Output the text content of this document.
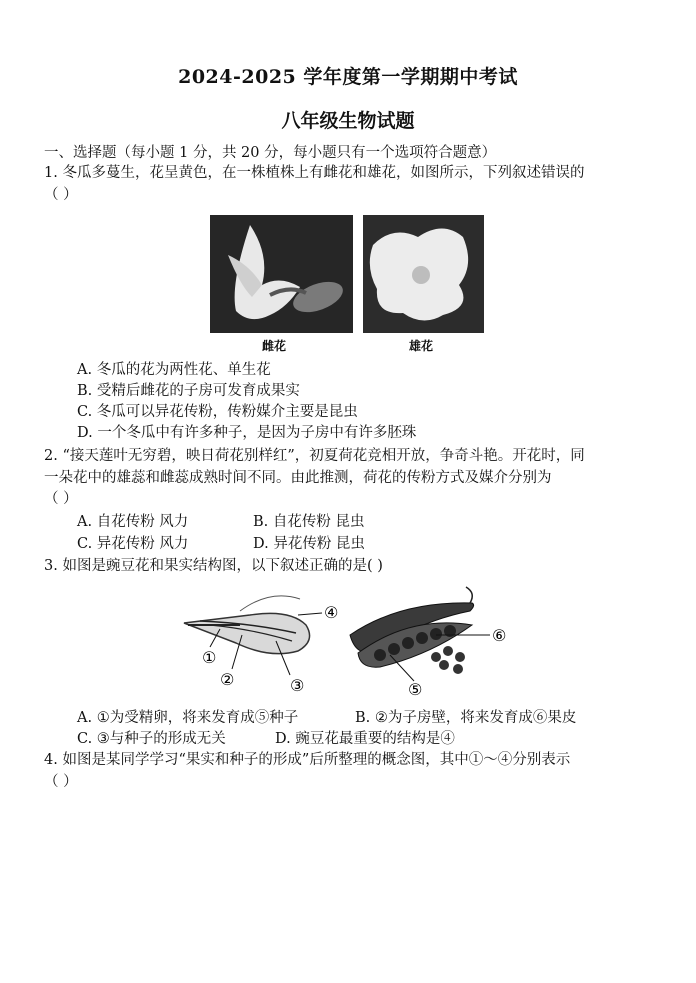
2024-2025 学年度第一学期期中考试
八年级生物试题
一、选择题（每小题 1 分，共 20 分，每小题只有一个选项符合题意）
1. 冬瓜多蔓生，花呈黄色，在一株植株上有雌花和雄花，如图所示，下列叙述错误的
（ ）
雌花	雄花
A. 冬瓜的花为两性花、单生花
B. 受精后雌花的子房可发育成果实
C. 冬瓜可以异花传粉，传粉媒介主要是昆虫
D. 一个冬瓜中有许多种子，是因为子房中有许多胚珠
2. “接天莲叶无穷碧，映日荷花别样红”，初夏荷花竞相开放，争奇斗艳。开花时，同
一朵花中的雄蕊和雌蕊成熟时间不同。由此推测，荷花的传粉方式及媒介分别为
（ ）
A. 自花传粉 风力	B. 自花传粉 昆虫
C. 异花传粉 风力	D. 异花传粉 昆虫
3. 如图是豌豆花和果实结构图，以下叙述正确的是( )
④
①
②	③
⑥
⑤
A. ①为受精卵，将来发育成⑤种子	B. ②为子房壁，将来发育成⑥果皮
C. ③与种子的形成无关	D. 豌豆花最重要的结构是④
4. 如图是某同学学习“果实和种子的形成”后所整理的概念图，其中①～④分别表示
（ ）
